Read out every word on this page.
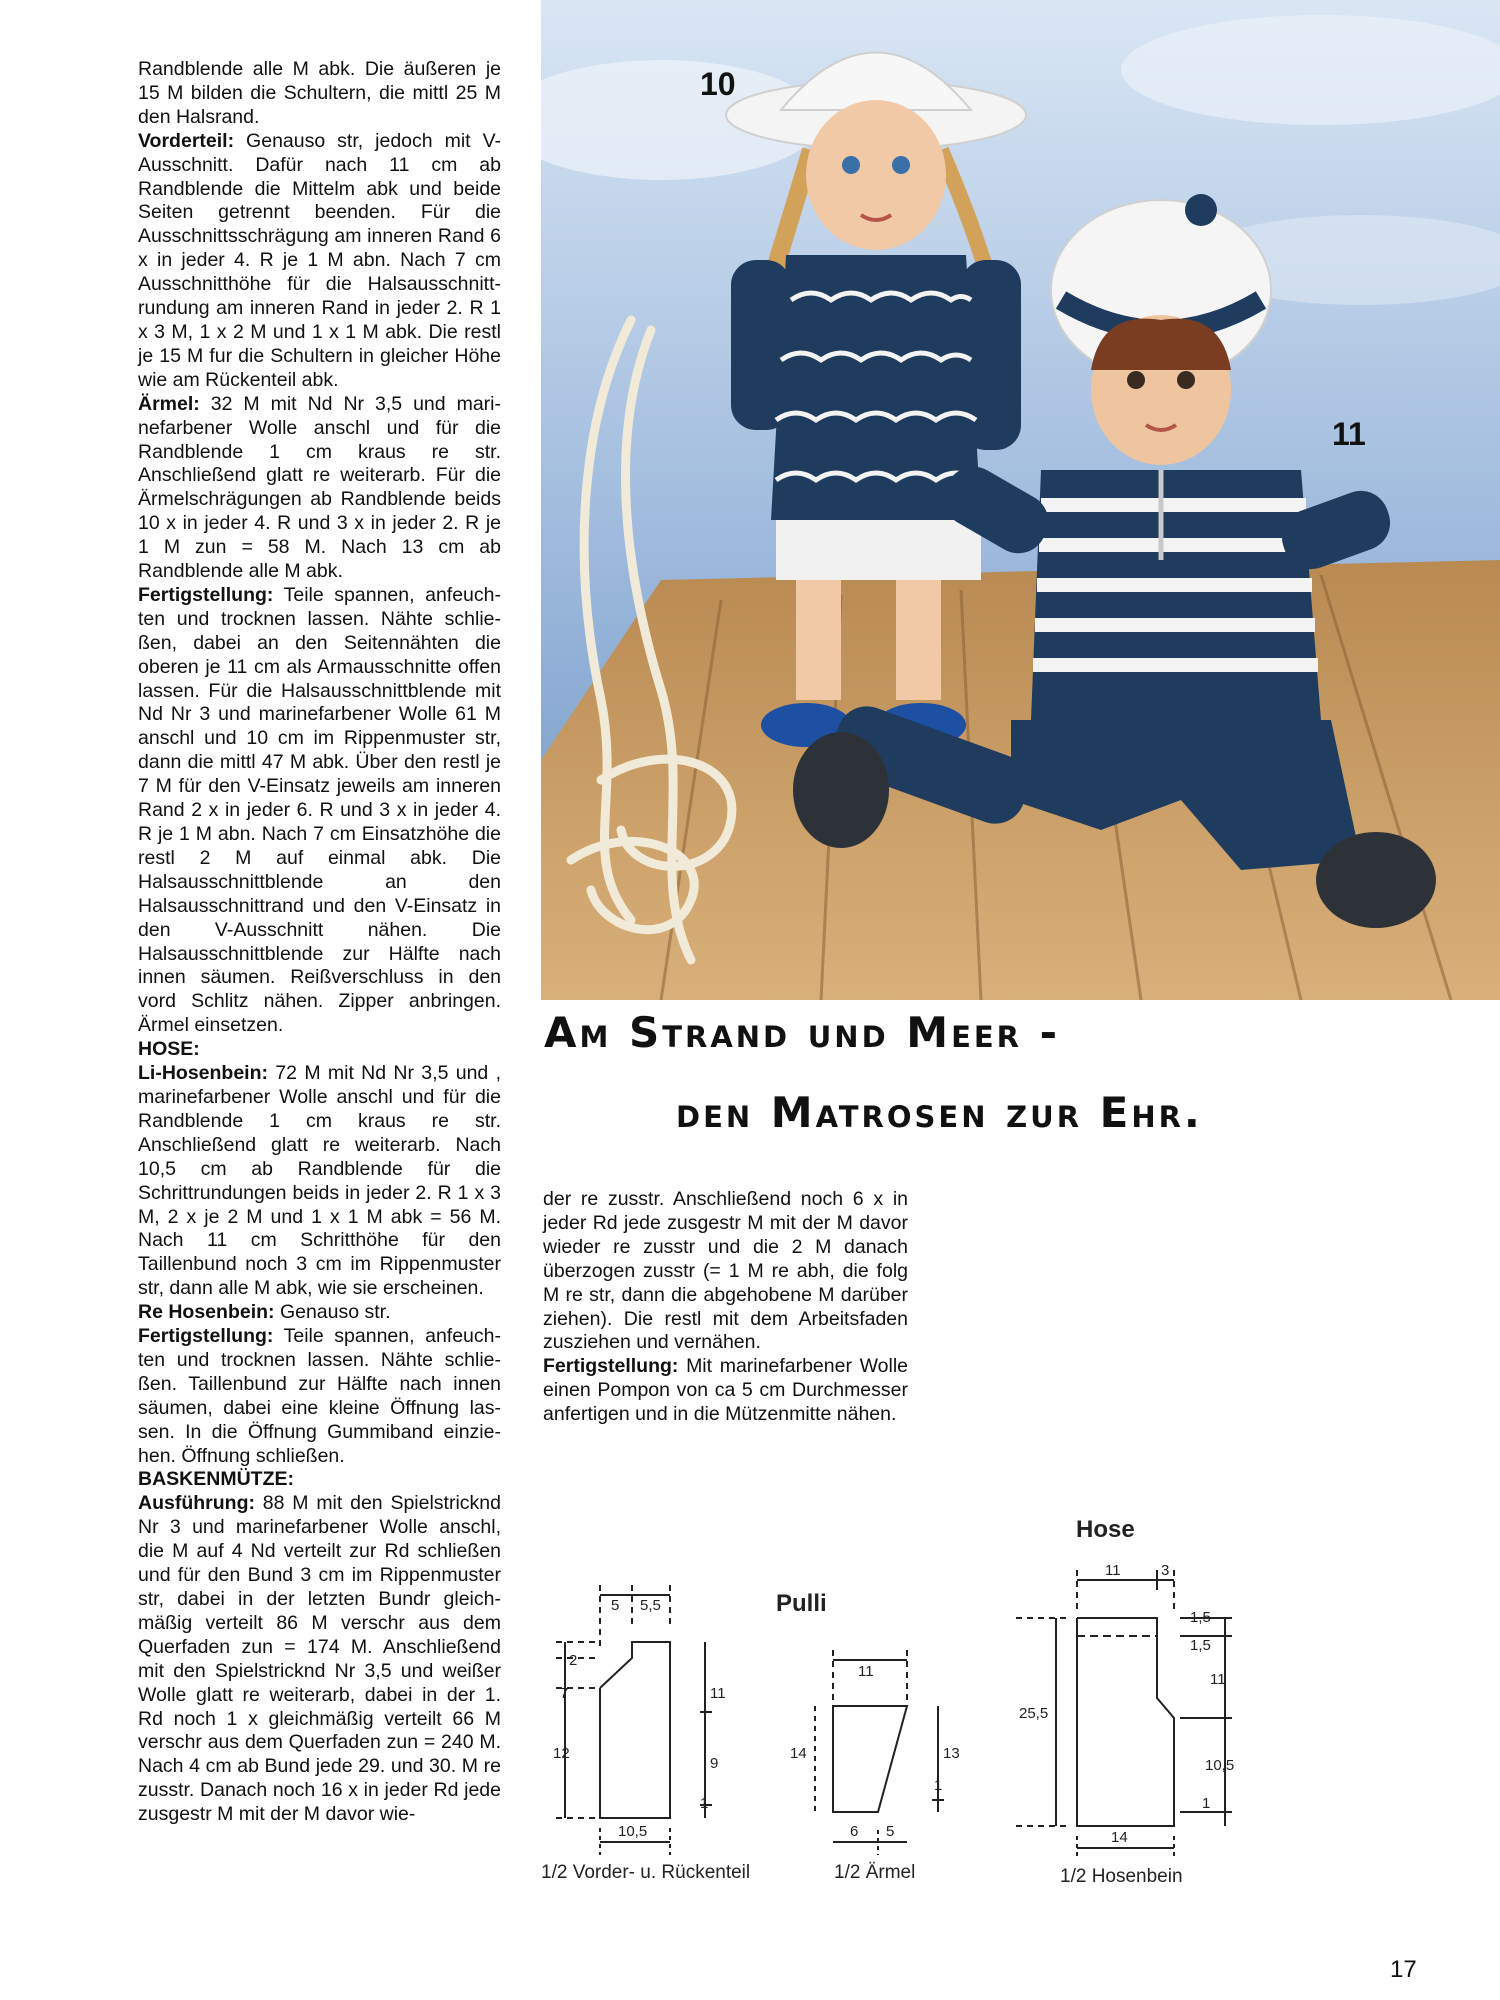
Randblende alle M abk. Die äußeren je 15 M bilden die Schultern, die mittl 25 M den Halsrand.

Vorderteil: Genauso str, jedoch mit V-Ausschnitt. Dafür nach 11 cm ab Randblende die Mittelm abk und beide Seiten getrennt beenden. Für die Ausschnittsschrägung am inneren Rand 6 x in jeder 4. R je 1 M abn. Nach 7 cm Ausschnitthöhe für die Halsausschnittrundung am inneren Rand in jeder 2. R 1 x 3 M, 1 x 2 M und 1 x 1 M abk. Die restl je 15 M fur die Schultern in gleicher Höhe wie am Rückenteil abk.

Ärmel: 32 M mit Nd Nr 3,5 und marinefarbener Wolle anschl und für die Randblende 1 cm kraus re str. Anschließend glatt re weiterarb. Für die Ärmelschrägungen ab Randblende beids 10 x in jeder 4. R und 3 x in jeder 2. R je 1 M zun = 58 M. Nach 13 cm ab Randblende alle M abk.

Fertigstellung: Teile spannen, anfeuchten und trocknen lassen. Nähte schließen, dabei an den Seitennähten die oberen je 11 cm als Armausschnitte offen lassen. Für die Halsausschnittblende mit Nd Nr 3 und marinefarbener Wolle 61 M anschl und 10 cm im Rippenmuster str, dann die mittl 47 M abk. Über den restl je 7 M für den V-Einsatz jeweils am inneren Rand 2 x in jeder 6. R und 3 x in jeder 4. R je 1 M abn. Nach 7 cm Einsatzhöhe die restl 2 M auf einmal abk. Die Halsausschnittblende an den Halsausschnittrand und den V-Einsatz in den V-Ausschnitt nähen. Die Halsausschnittblende zur Hälfte nach innen säumen. Reißverschluss in den vord Schlitz nähen. Zipper anbringen. Ärmel einsetzen.

HOSE:

Li-Hosenbein: 72 M mit Nd Nr 3,5 und , marinefarbener Wolle anschl und für die Randblende 1 cm kraus re str. Anschließend glatt re weiterarb. Nach 10,5 cm ab Randblende für die Schrittrundungen beids in jeder 2. R 1 x 3 M, 2 x je 2 M und 1 x 1 M abk = 56 M. Nach 11 cm Schritthöhe für den Taillenbund noch 3 cm im Rippenmuster str, dann alle M abk, wie sie erscheinen.

Re Hosenbein: Genauso str.

Fertigstellung: Teile spannen, anfeuchten und trocknen lassen. Nähte schließen. Taillenbund zur Hälfte nach innen säumen, dabei eine kleine Öffnung lassen. In die Öffnung Gummiband einziehen. Öffnung schließen.

BASKENMÜTZE:

Ausführung: 88 M mit den Spielstricknd Nr 3 und marinefarbener Wolle anschl, die M auf 4 Nd verteilt zur Rd schließen und für den Bund 3 cm im Rippenmuster str, dabei in der letzten Bundr gleichmäßig verteilt 86 M verschr aus dem Querfaden zun = 174 M. Anschließend mit den Spielstricknd Nr 3,5 und weißer Wolle glatt re weiterarb, dabei in der 1. Rd noch 1 x gleichmäßig verteilt 66 M verschr aus dem Querfaden zun = 240 M. Nach 4 cm ab Bund jede 29. und 30. M re zusstr. Danach noch 16 x in jeder Rd jede zusgestr M mit der M davor wie-

10
11
Am Strand und Meer -
den Matrosen zur Ehr.

der re zusstr. Anschließend noch 6 x in jeder Rd jede zusgestr M mit der M davor wieder re zusstr und die 2 M danach überzogen zusstr (= 1 M re abh, die folg M re str, dann die abgehobene M darüber ziehen). Die restl mit dem Arbeitsfaden zusziehen und vernähen.

Fertigstellung: Mit marinefarbener Wolle einen Pompon von ca 5 cm Durchmesser anfertigen und in die Mützenmitte nähen.

Pulli
Hose
1/2 Vorder- u. Rückenteil	1/2 Ärmel	1/2 Hosenbein
5 5,5
2
7
12
11
9
1
10,5
11
14	13
1
6 5
11	3
25,5
1,5
1,5
11
10,5
1
14
17
